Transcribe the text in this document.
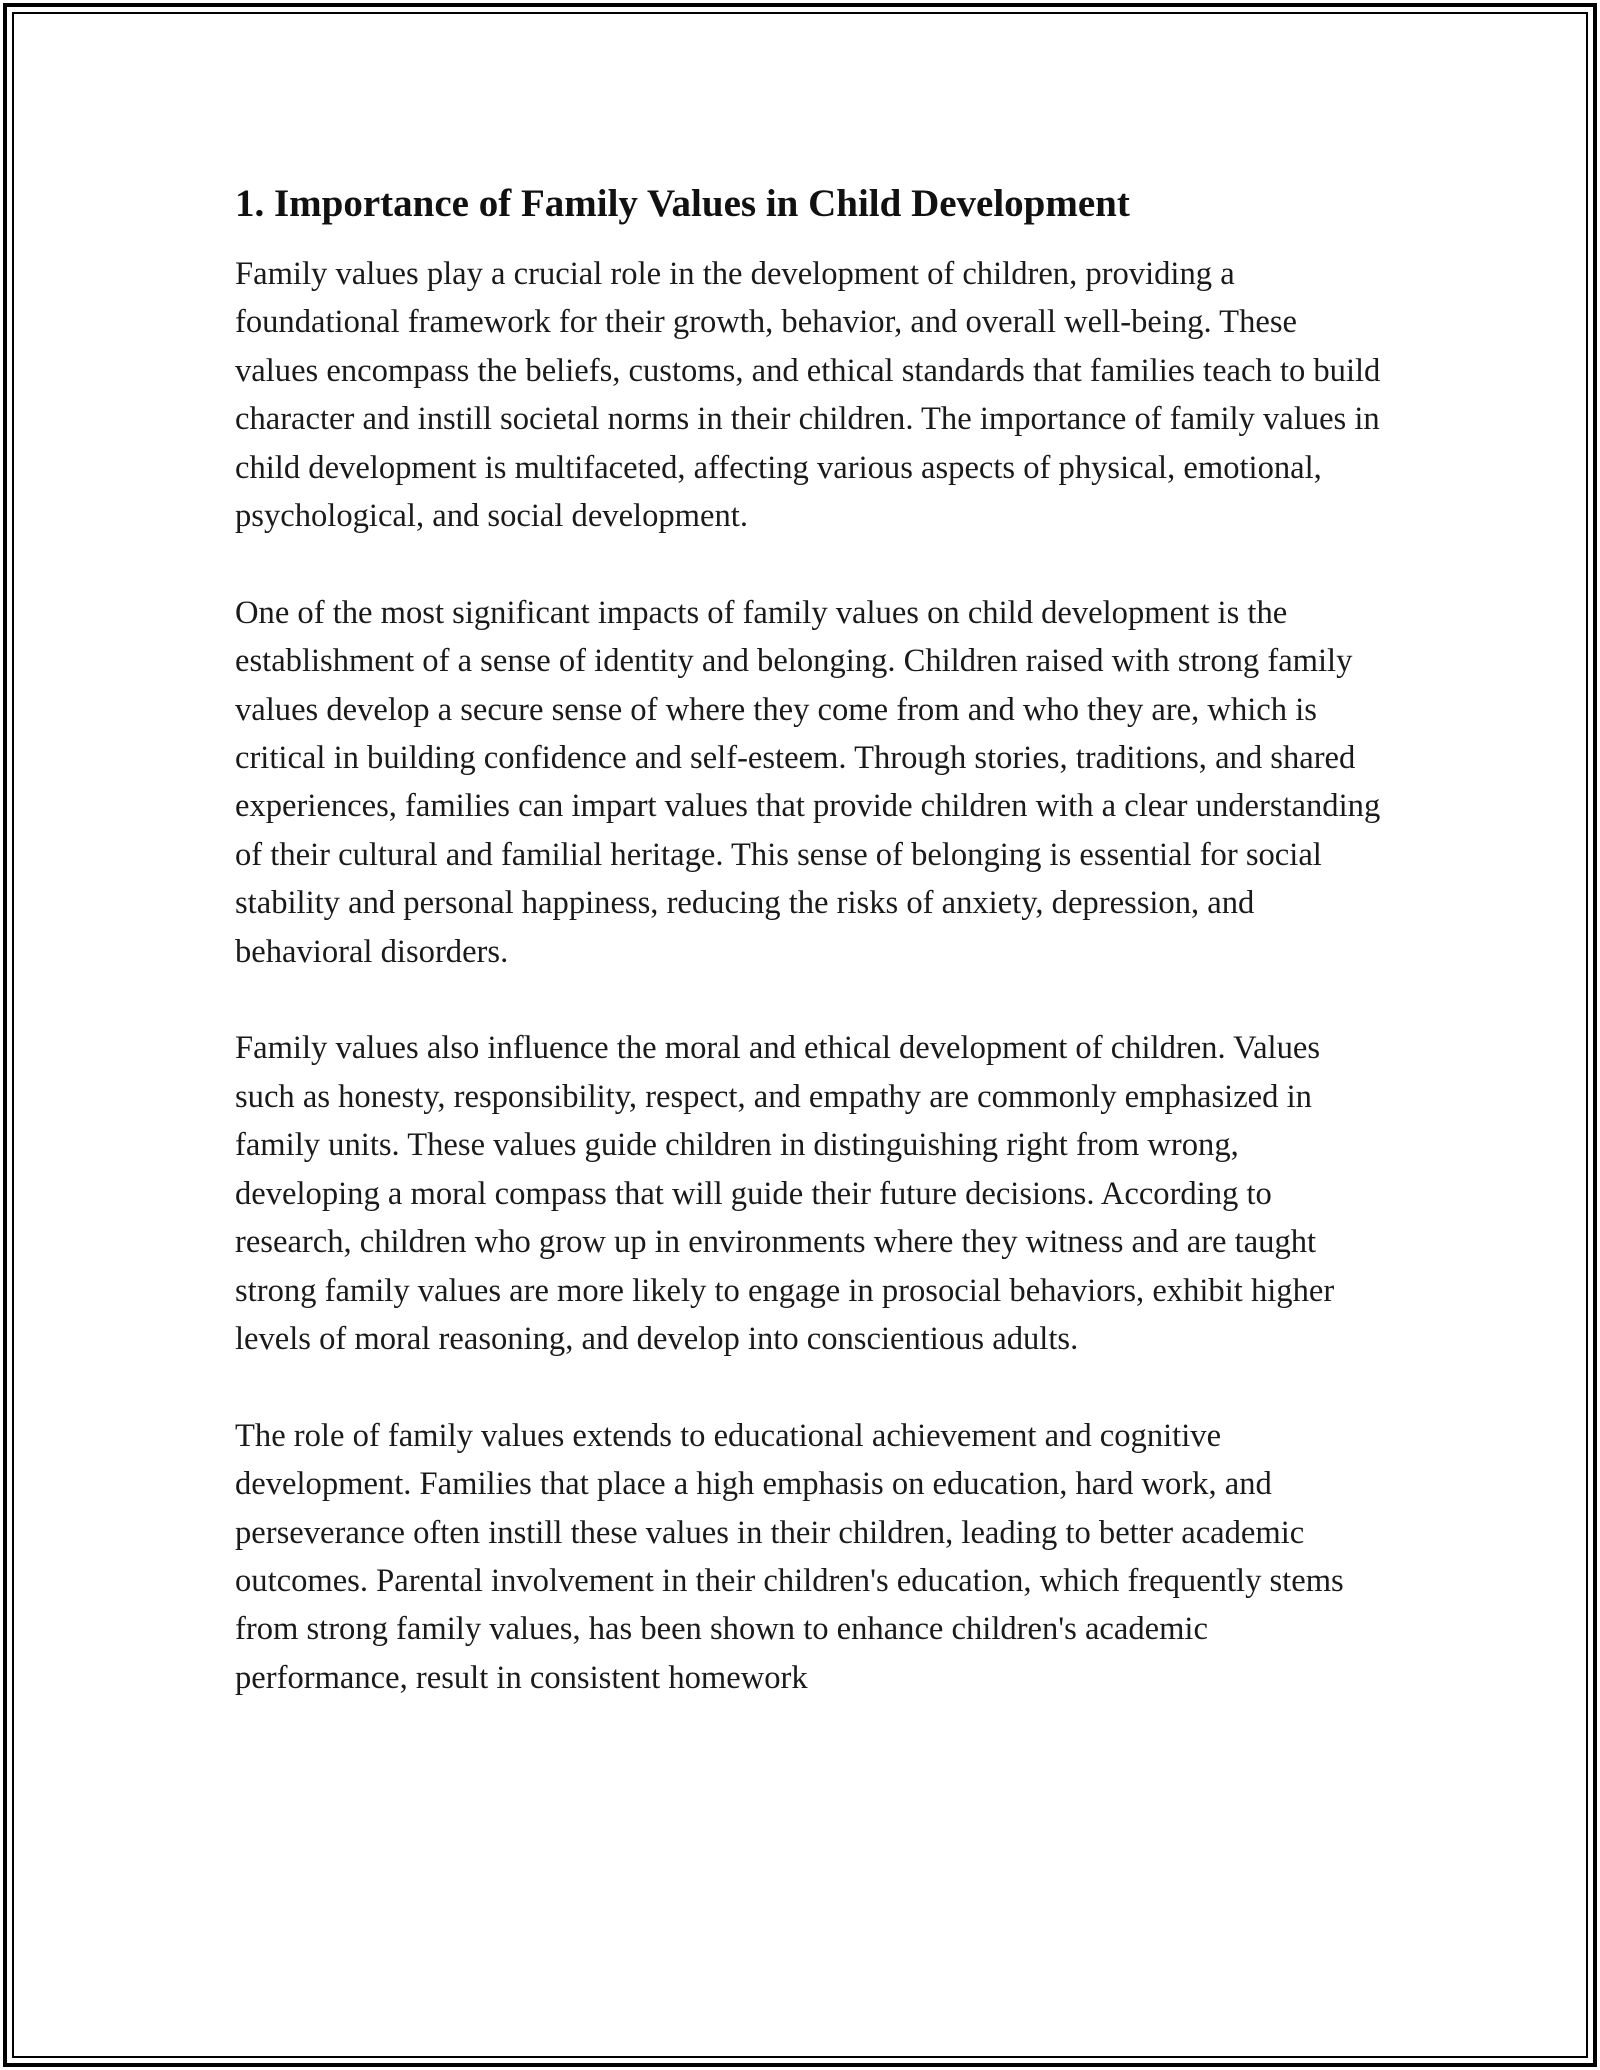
1. Importance of Family Values in Child Development

Family values play a crucial role in the development of children, providing a foundational framework for their growth, behavior, and overall well-being. These values encompass the beliefs, customs, and ethical standards that families teach to build character and instill societal norms in their children. The importance of family values in child development is multifaceted, affecting various aspects of physical, emotional, psychological, and social development.

One of the most significant impacts of family values on child development is the establishment of a sense of identity and belonging. Children raised with strong family values develop a secure sense of where they come from and who they are, which is critical in building confidence and self-esteem. Through stories, traditions, and shared experiences, families can impart values that provide children with a clear understanding of their cultural and familial heritage. This sense of belonging is essential for social stability and personal happiness, reducing the risks of anxiety, depression, and behavioral disorders.

Family values also influence the moral and ethical development of children. Values such as honesty, responsibility, respect, and empathy are commonly emphasized in family units. These values guide children in distinguishing right from wrong, developing a moral compass that will guide their future decisions. According to research, children who grow up in environments where they witness and are taught strong family values are more likely to engage in prosocial behaviors, exhibit higher levels of moral reasoning, and develop into conscientious adults.

The role of family values extends to educational achievement and cognitive development. Families that place a high emphasis on education, hard work, and perseverance often instill these values in their children, leading to better academic outcomes. Parental involvement in their children's education, which frequently stems from strong family values, has been shown to enhance children's academic performance, result in consistent homework
